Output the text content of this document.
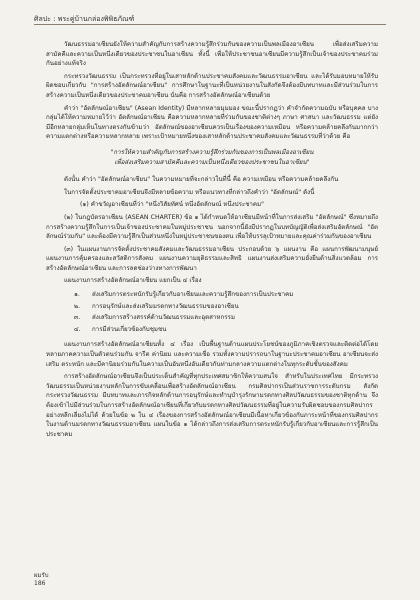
ศิลปะ : พระคู่บ้านกล่องพิพิธภัณฑ์

วัฒนธรรมอาเซียนยังให้ความสำคัญกับการสร้างความรู้สึกร่วมกันของความเป็นพลเมืองอาเซียน เพื่อส่งเสริมความสามัคคีและความเป็นหนึ่งเดียวของประชาชนในอาเซียน ทั้งนี้ เพื่อให้ประชาชนอาเซียนมีความรู้สึกเป็นเจ้าของประชาคมร่วมกันอย่างแท้จริง

กระทรวงวัฒนธรรม เป็นกระทรวงที่อยู่ในเสาหลักด้านประชาคมสังคมและวัฒนธรรมอาเซียน และได้รับมอบหมายให้รับผิดชอบเกี่ยวกับ "การสร้างอัตลักษณ์อาเซียน" การศึกษาในฐานะที่เป็นหน่วยงานในสังกัดจึงต้องมีบทบาทและมีส่วนร่วมในการสร้างความเป็นหนึ่งเดียวของประชาคมอาเซียน นั่นคือ การสร้างอัตลักษณ์อาเซียนด้วย

คำว่า "อัตลักษณ์อาเซียน" (Asean Identity) มีหลากหลายมุมมอง ขณะนี้ปรากฏว่า คำจำกัดความฉบับ หรือบุคคล บางกลุ่มได้ให้ความหมายไว้ว่า อัตลักษณ์อาเซียน คือความหลากหลายที่ร่วมกันของชาติต่างๆ ภาษา ศาสนา และวัฒนธรรม แต่ยังมีอีกหลายกลุ่มเห็นในทางตรงกันข้ามว่า อัตลักษณ์ของอาเซียนควรเป็นเรื่องของความเหมือน หรือความคล้ายคลึงกันมากกว่าความแตกต่างหรือความหลากหลาย เพราะเป้าหมายหนึ่งของเสาหลักด้านประชาคมสังคมและวัฒนธรรมที่ว่าด้วย คือ

"การให้ความสำคัญกับการสร้างความรู้สึกร่วมกันของการเป็นพลเมืองอาเซียน
เพื่อส่งเสริมความสามัคคีและความเป็นหนึ่งเดียวของประชาชนในอาเซียน"

ดังนั้น คำว่า "อัตลักษณ์อาเซียน" ในความหมายที่จะกล่าวในที่นี้ คือ ความเหมือน หรือความคล้ายคลึงกัน

ในการจัดตั้งประชาคมอาเซียนจึงมีหลายข้อความ หรือแนวทางที่กล่าวถึงคำว่า "อัตลักษณ์" ดังนี้

(๑) คำขวัญอาเซียนที่ว่า "หนึ่งวิสัยทัศน์ หนึ่งอัตลักษณ์ หนึ่งประชาคม"

(๒) ในกฎบัตรอาเซียน (ASEAN CHARTER) ข้อ ๑ ได้กำหนดให้อาเซียนมีหน้าที่ในการส่งเสริม "อัตลักษณ์" ซึ่งหมายถึงการสร้างความรู้สึกในการเป็นเจ้าของประชาคมในหมู่ประชาชน นอกจากนี้ยังมีปรากฏในบทบัญญัติเพื่อส่งเสริมอัตลักษณ์ "อัตลักษณ์ร่วมกัน" และต้องมีความรู้สึกเป็นส่วนหนึ่งในหมู่ประชาชนของตน เพื่อให้บรรลุเป้าหมายและคุณค่าร่วมกันของอาเซียน

(๓) ในแผนงานการจัดตั้งประชาคมสังคมและวัฒนธรรมอาเซียน ประกอบด้วย ๖ แผนงาน คือ แผนการพัฒนามนุษย์ แผนงานการคุ้มครองและสวัสดิการสังคม แผนงานความยุติธรรมและสิทธิ แผนงานส่งเสริมความยั่งยืนด้านสิ่งแวดล้อม การสร้างอัตลักษณ์อาเซียน และการลดช่องว่างทางการพัฒนา

แผนงานการสร้างอัตลักษณ์อาเซียน แยกเป็น ๔ เรื่อง

๑.	ส่งเสริมการตระหนักรับรู้เกี่ยวกับอาเซียนและความรู้สึกของการเป็นประชาคม
๒.	การอนุรักษ์และส่งเสริมมรดกทางวัฒนธรรมของอาเซียน
๓.	ส่งเสริมการสร้างสรรค์ด้านวัฒนธรรมและอุตสาหกรรม
๔.	การมีส่วนเกี่ยวข้องกับชุมชน

แผนงานการสร้างอัตลักษณ์อาเซียนทั้ง ๔ เรื่อง เป็นพื้นฐานด้านแผนประโยชน์ของภูมิภาคเชิงตรวจและติดต่อได้โดยหลายภาคความเป็นตัวตนร่วมกัน จารีต ค่านิยม และความเชื่อ รวมทั้งความปรารถนาในฐานะประชาคมอาเซียน อาเซียนจะส่งเสริม ตระหนัก และมีคานิยมร่วมกันในความเป็นอันหนึ่งอันเดียวกันท่ามกลางความแตกต่างในทุกระดับชั้นของสังคม

การสร้างอัตลักษณ์อาเซียนจึงเป็นประเด็นสำคัญที่ทุกประเทศสมาชิกให้ความสนใจ สำหรับในประเทศไทย มีกระทรวงวัฒนธรรมเป็นหน่วยงานหลักในการขับเคลื่อนเพื่อสร้างอัตลักษณ์อาเซียน กรมศิลปากรเป็นส่วนราชการระดับกรม สังกัดกระทรวงวัฒนธรรม มีบทบาทและภารกิจหลักด้านการอนุรักษ์และทำนุบำรุงรักษามรดกทางศิลปวัฒนธรรมของชาติทุกด้าน จึงต้องเข้าไปมีส่วนร่วมในการสร้างอัตลักษณ์อาเซียนที่เกี่ยวกับมรดกทางศิลปวัฒนธรรมที่อยู่ในความรับผิดชอบของกรมศิลปากรอย่างหลีกเลี่ยงไม่ได้ ด้วยในข้อ ๒ ใน ๔ เรื่องของการสร้างอัตลักษณ์อาเซียนมีเนื้อหาเกี่ยวข้องกับภาระหน้าที่ของกรมศิลปากรในงานด้านมรดกทางวัฒนธรรมอาเซียน แผนในข้อ ๑ ได้กล่าวถึงการส่งเสริมการตระหนักรับรู้เกี่ยวกับอาเซียนและการรู้สึกเป็นประชาคม

ผมรับ
186
